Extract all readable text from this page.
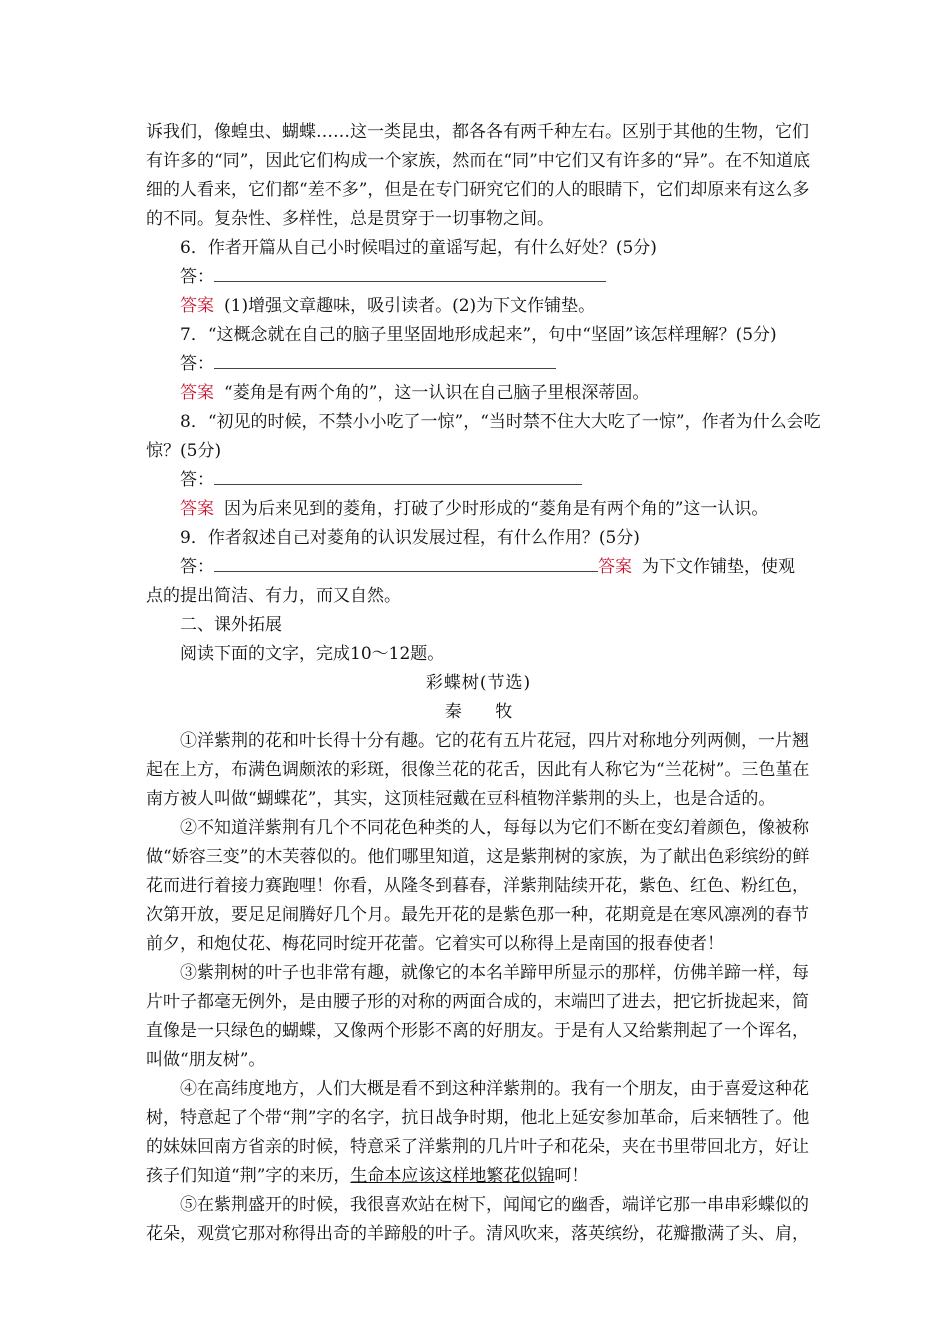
诉我们，像蝗虫、蝴蝶……这一类昆虫，都各各有两千种左右。区别于其他的生物，它们
有许多的“同”，因此它们构成一个家族，然而在“同”中它们又有许多的“异”。在不知道底
细的人看来，它们都“差不多”，但是在专门研究它们的人的眼睛下，它们却原来有这么多
的不同。复杂性、多样性，总是贯穿于一切事物之间。
6．作者开篇从自己小时候唱过的童谣写起，有什么好处？(5分)
答：
答案 (1)增强文章趣味，吸引读者。(2)为下文作铺垫。
7．“这概念就在自己的脑子里坚固地形成起来”，句中“坚固”该怎样理解？(5分)
答：
答案 “菱角是有两个角的”，这一认识在自己脑子里根深蒂固。
8．“初见的时候，不禁小小吃了一惊”，“当时禁不住大大吃了一惊”，作者为什么会吃
惊？(5分)
答：
答案 因为后来见到的菱角，打破了少时形成的“菱角是有两个角的”这一认识。
9．作者叙述自己对菱角的认识发展过程，有什么作用？(5分)
答：	答案 为下文作铺垫，使观
点的提出简洁、有力，而又自然。
二、课外拓展
阅读下面的文字，完成10～12题。
彩蝶树(节选)
秦 牧
①洋紫荆的花和叶长得十分有趣。它的花有五片花冠，四片对称地分列两侧，一片翘
起在上方，布满色调颇浓的彩斑，很像兰花的花舌，因此有人称它为“兰花树”。三色堇在
南方被人叫做“蝴蝶花”，其实，这顶桂冠戴在豆科植物洋紫荆的头上，也是合适的。
②不知道洋紫荆有几个不同花色种类的人，每每以为它们不断在变幻着颜色，像被称
做“娇容三变”的木芙蓉似的。他们哪里知道，这是紫荆树的家族，为了献出色彩缤纷的鲜
花而进行着接力赛跑哩！你看，从隆冬到暮春，洋紫荆陆续开花，紫色、红色、粉红色，
次第开放，要足足闹腾好几个月。最先开花的是紫色那一种，花期竟是在寒风凛冽的春节
前夕，和炮仗花、梅花同时绽开花蕾。它着实可以称得上是南国的报春使者！
③紫荆树的叶子也非常有趣，就像它的本名羊蹄甲所显示的那样，仿佛羊蹄一样，每
片叶子都毫无例外，是由腰子形的对称的两面合成的，末端凹了进去，把它折拢起来，简
直像是一只绿色的蝴蝶，又像两个形影不离的好朋友。于是有人又给紫荆起了一个诨名，
叫做“朋友树”。
④在高纬度地方，人们大概是看不到这种洋紫荆的。我有一个朋友，由于喜爱这种花
树，特意起了个带“荆”字的名字，抗日战争时期，他北上延安参加革命，后来牺牲了。他
的妹妹回南方省亲的时候，特意采了洋紫荆的几片叶子和花朵，夹在书里带回北方，好让
孩子们知道“荆”字的来历，生命本应该这样地繁花似锦呵！
⑤在紫荆盛开的时候，我很喜欢站在树下，闻闻它的幽香，端详它那一串串彩蝶似的
花朵，观赏它那对称得出奇的羊蹄般的叶子。清风吹来，落英缤纷，花瓣撒满了头、肩，
